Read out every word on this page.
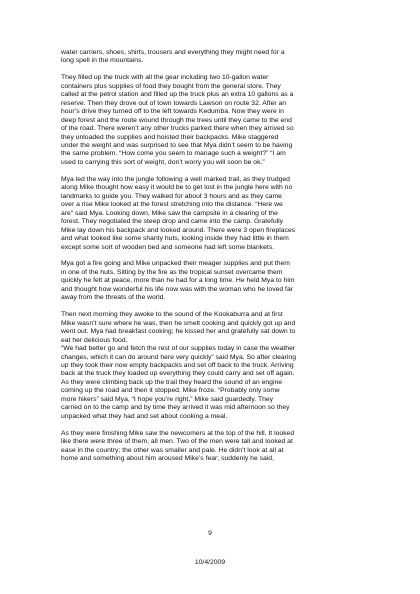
water carriers, shoes, shirts, trousers and everything they might need for a
long spell in the mountains.

They filled up the truck with all the gear including two 10-gallon water
containers plus supplies of food they bought from the general store. They
called at the petrol station and filled up the truck plus an extra 10 gallons as a
reserve. Then they drove out of town towards Lawson on route 32. After an
hour’s drive they turned off to the left towards Kedumba. Now they were in
deep forest and the route wound through the trees until they came to the end
of the road. There weren’t any other trucks parked there when they arrived so
they unloaded the supplies and hoisted their backpacks. Mike staggered
under the weight and was surprised to see that Mya didn’t seem to be having
the same problem. “How come you seem to manage such a weight?” “I am
used to carrying this sort of weight, don’t worry you will soon be ok.”

Mya led the way into the jungle following a well marked trail, as they trudged
along Mike thought how easy it would be to get lost in the jungle here with no
landmarks to guide you. They walked for about 3 hours and as they came
over a rise Mike looked at the forest stretching into the distance. “Here we
are” said Mya. Looking down, Mike saw the campsite in a clearing of the
forest. They negotiated the steep drop and came into the camp. Gratefully
Mike lay down his backpack and looked around. There were 3 open fireplaces
and what looked like some shanty huts, looking inside they had little in them
except some sort of wooden bed and someone had left some blankets.

Mya got a fire going and Mike unpacked their meager supplies and put them
in one of the huts. Sitting by the fire as the tropical sunset overcame them
quickly he felt at peace, more than he had for a long time. He held Mya to him
and thought how wonderful his life now was with the woman who he loved far
away from the threats of the world.

Then next morning they awoke to the sound of the Kookaburra and at first
Mike wasn’t sure where he was, then he smelt cooking and quickly got up and
went out. Mya had breakfast cooking; he kissed her and gratefully sat down to
eat her delicious food.
“We had better go and fetch the rest of our supplies today in case the weather
changes, which it can do around here very quickly” said Mya. So after clearing
up they took their now empty backpacks and set off back to the truck. Arriving
back at the truck they loaded up everything they could carry and set off again.
As they were climbing back up the trail they heard the sound of an engine
coming up the road and then it stopped. Mike froze. “Probably only some
more hikers” said Mya, “I hope you’re right,” Mike said guardedly. They
carried on to the camp and by time they arrived it was mid afternoon so they
unpacked what they had and set about cooking a meal.

As they were finishing Mike saw the newcomers at the top of the hill. It looked
like there were three of them, all men. Two of the men were tall and looked at
ease in the country; the other was smaller and pale. He didn’t look at all at
home and something about him aroused Mike’s fear; suddenly he said,

9
10/4/2009
